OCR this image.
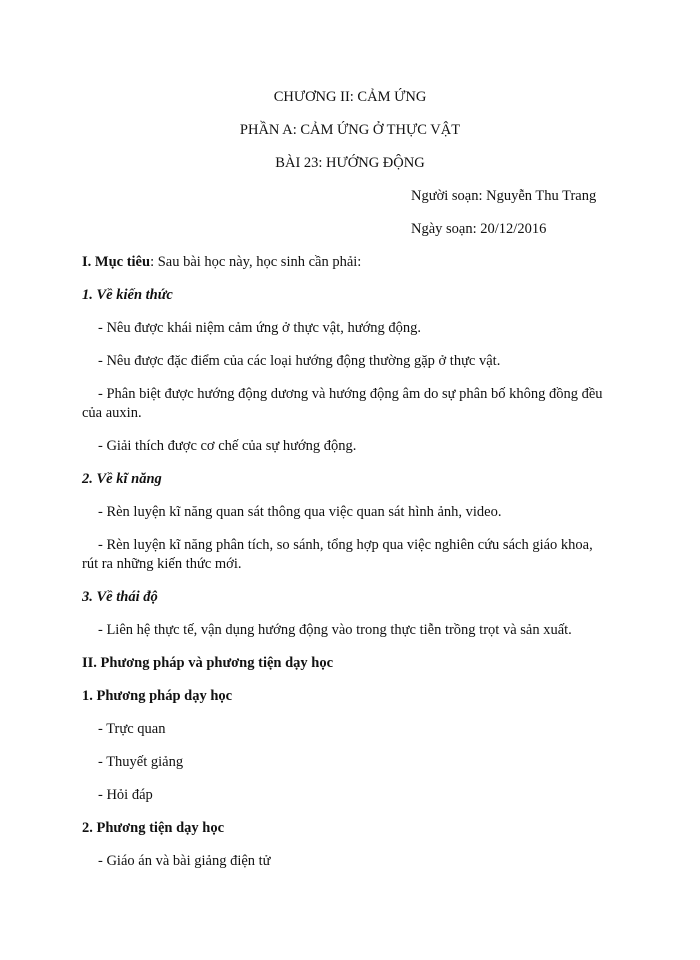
CHƯƠNG II: CẢM ỨNG
PHẦN A: CẢM ỨNG Ở THỰC VẬT
BÀI 23: HƯỚNG ĐỘNG
Người soạn: Nguyễn Thu Trang
Ngày soạn: 20/12/2016
I. Mục tiêu: Sau bài học này, học sinh cần phải:
1. Về kiến thức
- Nêu được khái niệm cảm ứng ở thực vật, hướng động.
- Nêu được đặc điểm của các loại hướng động thường gặp ở thực vật.
- Phân biệt được hướng động dương và hướng động âm do sự phân bố không đồng đều
của auxin.
- Giải thích được cơ chế của sự hướng động.
2. Về kĩ năng
- Rèn luyện kĩ năng quan sát thông qua việc quan sát hình ảnh, video.
- Rèn luyện kĩ năng phân tích, so sánh, tổng hợp qua việc nghiên cứu sách giáo khoa,
rút ra những kiến thức mới.
3. Về thái độ
- Liên hệ thực tế, vận dụng hướng động vào trong thực tiễn trồng trọt và sản xuất.
II. Phương pháp và phương tiện dạy học
1. Phương pháp dạy học
- Trực quan
- Thuyết giảng
- Hỏi đáp
2. Phương tiện dạy học
- Giáo án và bài giảng điện tử
